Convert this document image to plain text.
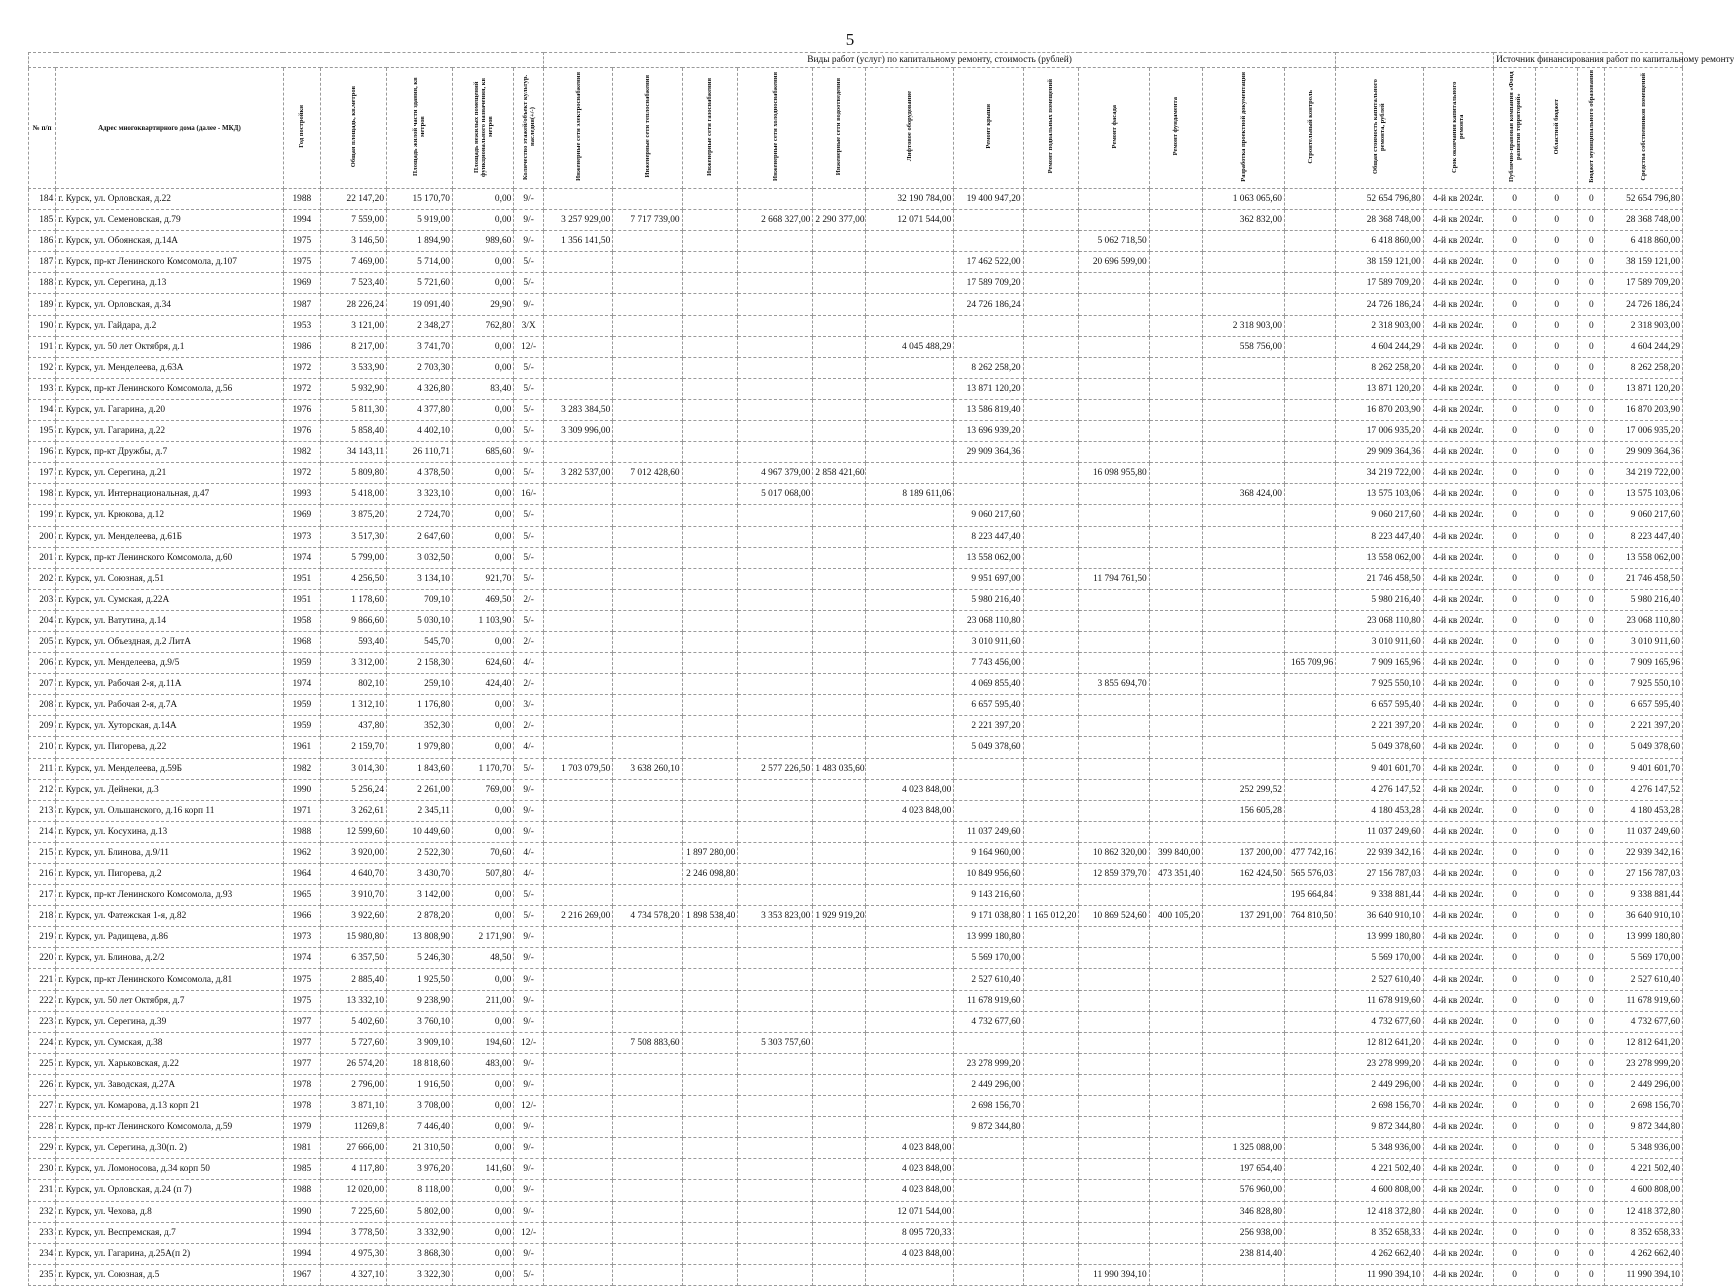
5
							Виды работ (услуг) по капитальному ремонту, стоимость (рублей)														Источник финансирования работ по капитальному ремонту			
№ п/п	Адрес многоквартирного дома (далее - МКД)	Год постройки	Общая площадь, кв.метров	Площадь жилой части здания, кв метров	Площадь нежилых помещений функционального назначения, кв метров	Количество этажей/объект культур. наследия(+/-)	Инженерные сети электроснабжения	Инженерные сети теплоснабжения	Инженерные сети газоснабжения	Инженерные сети холодноснабжения	Инженерные сети водоотведения	Лифтовое оборудование	Ремонт крыши	Ремонт подвальных помещений	Ремонт фасада	Ремонт фундамента	Разработка проектной документации	Строительный контроль	Общая стоимость капитального ремонта, рублей	Срок окончания капитального ремонта	Публично-правовая компания «Фонд развития территорий»	Областной бюджет	Бюджет муниципального образования	Средства собственников помещений
184	г. Курск, ул. Орловская, д.22	1988	22 147,20	15 170,70	0,00	9/-						32 190 784,00	19 400 947,20				1 063 065,60		52 654 796,80	4-й кв 2024г.	0	0	0	52 654 796,80
185	г. Курск, ул. Семеновская, д.79	1994	7 559,00	5 919,00	0,00	9/-	3 257 929,00	7 717 739,00		2 668 327,00	2 290 377,00	12 071 544,00					362 832,00		28 368 748,00	4-й кв 2024г.	0	0	0	28 368 748,00
186	г. Курск, ул. Обоянская, д.14А	1975	3 146,50	1 894,90	989,60	9/-	1 356 141,50								5 062 718,50				6 418 860,00	4-й кв 2024г.	0	0	0	6 418 860,00
187	г. Курск, пр-кт Ленинского Комсомола, д.107	1975	7 469,00	5 714,00	0,00	5/-							17 462 522,00		20 696 599,00				38 159 121,00	4-й кв 2024г.	0	0	0	38 159 121,00
188	г. Курск, ул. Серегина, д.13	1969	7 523,40	5 721,60	0,00	5/-							17 589 709,20						17 589 709,20	4-й кв 2024г.	0	0	0	17 589 709,20
189	г. Курск, ул. Орловская, д.34	1987	28 226,24	19 091,40	29,90	9/-							24 726 186,24						24 726 186,24	4-й кв 2024г.	0	0	0	24 726 186,24
190	г. Курск, ул. Гайдара, д.2	1953	3 121,00	2 348,27	762,80	3/Х											2 318 903,00		2 318 903,00	4-й кв 2024г.	0	0	0	2 318 903,00
191	г. Курск, ул. 50 лет Октября, д.1	1986	8 217,00	3 741,70	0,00	12/-						4 045 488,29					558 756,00		4 604 244,29	4-й кв 2024г.	0	0	0	4 604 244,29
192	г. Курск, ул. Менделеева, д.63А	1972	3 533,90	2 703,30	0,00	5/-							8 262 258,20						8 262 258,20	4-й кв 2024г.	0	0	0	8 262 258,20
193	г. Курск, пр-кт Ленинского Комсомола, д.56	1972	5 932,90	4 326,80	83,40	5/-							13 871 120,20						13 871 120,20	4-й кв 2024г.	0	0	0	13 871 120,20
194	г. Курск, ул. Гагарина, д.20	1976	5 811,30	4 377,80	0,00	5/-	3 283 384,50						13 586 819,40						16 870 203,90	4-й кв 2024г.	0	0	0	16 870 203,90
195	г. Курск, ул. Гагарина, д.22	1976	5 858,40	4 402,10	0,00	5/-	3 309 996,00						13 696 939,20						17 006 935,20	4-й кв 2024г.	0	0	0	17 006 935,20
196	г. Курск, пр-кт Дружбы, д.7	1982	34 143,11	26 110,71	685,60	9/-							29 909 364,36						29 909 364,36	4-й кв 2024г.	0	0	0	29 909 364,36
197	г. Курск, ул. Серегина, д.21	1972	5 809,80	4 378,50	0,00	5/-	3 282 537,00	7 012 428,60		4 967 379,00	2 858 421,60				16 098 955,80				34 219 722,00	4-й кв 2024г.	0	0	0	34 219 722,00
198	г. Курск, ул. Интернациональная, д.47	1993	5 418,00	3 323,10	0,00	16/-				5 017 068,00		8 189 611,06					368 424,00		13 575 103,06	4-й кв 2024г.	0	0	0	13 575 103,06
199	г. Курск, ул. Крюкова, д.12	1969	3 875,20	2 724,70	0,00	5/-							9 060 217,60						9 060 217,60	4-й кв 2024г.	0	0	0	9 060 217,60
200	г. Курск, ул. Менделеева, д.61Б	1973	3 517,30	2 647,60	0,00	5/-							8 223 447,40						8 223 447,40	4-й кв 2024г.	0	0	0	8 223 447,40
201	г. Курск, пр-кт Ленинского Комсомола, д.60	1974	5 799,00	3 032,50	0,00	5/-							13 558 062,00						13 558 062,00	4-й кв 2024г.	0	0	0	13 558 062,00
202	г. Курск, ул. Союзная, д.51	1951	4 256,50	3 134,10	921,70	5/-							9 951 697,00		11 794 761,50				21 746 458,50	4-й кв 2024г.	0	0	0	21 746 458,50
203	г. Курск, ул. Сумская, д.22А	1951	1 178,60	709,10	469,50	2/-							5 980 216,40						5 980 216,40	4-й кв 2024г.	0	0	0	5 980 216,40
204	г. Курск, ул. Ватутина, д.14	1958	9 866,60	5 030,10	1 103,90	5/-							23 068 110,80						23 068 110,80	4-й кв 2024г.	0	0	0	23 068 110,80
205	г. Курск, ул. Объездная, д.2 ЛитА	1968	593,40	545,70	0,00	2/-							3 010 911,60						3 010 911,60	4-й кв 2024г.	0	0	0	3 010 911,60
206	г. Курск, ул. Менделеева, д.9/5	1959	3 312,00	2 158,30	624,60	4/-							7 743 456,00					165 709,96	7 909 165,96	4-й кв 2024г.	0	0	0	7 909 165,96
207	г. Курск, ул. Рабочая 2-я, д.11А	1974	802,10	259,10	424,40	2/-							4 069 855,40		3 855 694,70				7 925 550,10	4-й кв 2024г.	0	0	0	7 925 550,10
208	г. Курск, ул. Рабочая 2-я, д.7А	1959	1 312,10	1 176,80	0,00	3/-							6 657 595,40						6 657 595,40	4-й кв 2024г.	0	0	0	6 657 595,40
209	г. Курск, ул. Хуторская, д.14А	1959	437,80	352,30	0,00	2/-							2 221 397,20						2 221 397,20	4-й кв 2024г.	0	0	0	2 221 397,20
210	г. Курск, ул. Пигорева, д.22	1961	2 159,70	1 979,80	0,00	4/-							5 049 378,60						5 049 378,60	4-й кв 2024г.	0	0	0	5 049 378,60
211	г. Курск, ул. Менделеева, д.59Б	1982	3 014,30	1 843,60	1 170,70	5/-	1 703 079,50	3 638 260,10		2 577 226,50	1 483 035,60								9 401 601,70	4-й кв 2024г.	0	0	0	9 401 601,70
212	г. Курск, ул. Дейнеки, д.3	1990	5 256,24	2 261,00	769,00	9/-						4 023 848,00					252 299,52		4 276 147,52	4-й кв 2024г.	0	0	0	4 276 147,52
213	г. Курск, ул. Ольшанского, д.16 корп 11	1971	3 262,61	2 345,11	0,00	9/-						4 023 848,00					156 605,28		4 180 453,28	4-й кв 2024г.	0	0	0	4 180 453,28
214	г. Курск, ул. Косухина, д.13	1988	12 599,60	10 449,60	0,00	9/-							11 037 249,60						11 037 249,60	4-й кв 2024г.	0	0	0	11 037 249,60
215	г. Курск, ул. Блинова, д.9/11	1962	3 920,00	2 522,30	70,60	4/-			1 897 280,00				9 164 960,00		10 862 320,00	399 840,00	137 200,00	477 742,16	22 939 342,16	4-й кв 2024г.	0	0	0	22 939 342,16
216	г. Курск, ул. Пигорева, д.2	1964	4 640,70	3 430,70	507,80	4/-			2 246 098,80				10 849 956,60		12 859 379,70	473 351,40	162 424,50	565 576,03	27 156 787,03	4-й кв 2024г.	0	0	0	27 156 787,03
217	г. Курск, пр-кт Ленинского Комсомола, д.93	1965	3 910,70	3 142,00	0,00	5/-							9 143 216,60					195 664,84	9 338 881,44	4-й кв 2024г.	0	0	0	9 338 881,44
218	г. Курск, ул. Фатежская 1-я, д.82	1966	3 922,60	2 878,20	0,00	5/-	2 216 269,00	4 734 578,20	1 898 538,40	3 353 823,00	1 929 919,20		9 171 038,80	1 165 012,20	10 869 524,60	400 105,20	137 291,00	764 810,50	36 640 910,10	4-й кв 2024г.	0	0	0	36 640 910,10
219	г. Курск, ул. Радищева, д.86	1973	15 980,80	13 808,90	2 171,90	9/-							13 999 180,80						13 999 180,80	4-й кв 2024г.	0	0	0	13 999 180,80
220	г. Курск, ул. Блинова, д.2/2	1974	6 357,50	5 246,30	48,50	9/-							5 569 170,00						5 569 170,00	4-й кв 2024г.	0	0	0	5 569 170,00
221	г. Курск, пр-кт Ленинского Комсомола, д.81	1975	2 885,40	1 925,50	0,00	9/-							2 527 610,40						2 527 610,40	4-й кв 2024г.	0	0	0	2 527 610,40
222	г. Курск, ул. 50 лет Октября, д.7	1975	13 332,10	9 238,90	211,00	9/-							11 678 919,60						11 678 919,60	4-й кв 2024г.	0	0	0	11 678 919,60
223	г. Курск, ул. Серегина, д.39	1977	5 402,60	3 760,10	0,00	9/-							4 732 677,60						4 732 677,60	4-й кв 2024г.	0	0	0	4 732 677,60
224	г. Курск, ул. Сумская, д.38	1977	5 727,60	3 909,10	194,60	12/-		7 508 883,60		5 303 757,60									12 812 641,20	4-й кв 2024г.	0	0	0	12 812 641,20
225	г. Курск, ул. Харьковская, д.22	1977	26 574,20	18 818,60	483,00	9/-							23 278 999,20						23 278 999,20	4-й кв 2024г.	0	0	0	23 278 999,20
226	г. Курск, ул. Заводская, д.27А	1978	2 796,00	1 916,50	0,00	9/-							2 449 296,00						2 449 296,00	4-й кв 2024г.	0	0	0	2 449 296,00
227	г. Курск, ул. Комарова, д.13 корп 21	1978	3 871,10	3 708,00	0,00	12/-							2 698 156,70						2 698 156,70	4-й кв 2024г.	0	0	0	2 698 156,70
228	г. Курск, пр-кт Ленинского Комсомола, д.59	1979	11269,8	7 446,40	0,00	9/-							9 872 344,80						9 872 344,80	4-й кв 2024г.	0	0	0	9 872 344,80
229	г. Курск, ул. Серегина, д.30(п. 2)	1981	27 666,00	21 310,50	0,00	9/-						4 023 848,00					1 325 088,00		5 348 936,00	4-й кв 2024г.	0	0	0	5 348 936,00
230	г. Курск, ул. Ломоносова, д.34 корп 50	1985	4 117,80	3 976,20	141,60	9/-						4 023 848,00					197 654,40		4 221 502,40	4-й кв 2024г.	0	0	0	4 221 502,40
231	г. Курск, ул. Орловская, д.24 (п 7)	1988	12 020,00	8 118,00	0,00	9/-						4 023 848,00					576 960,00		4 600 808,00	4-й кв 2024г.	0	0	0	4 600 808,00
232	г. Курск, ул. Чехова, д.8	1990	7 225,60	5 802,00	0,00	9/-						12 071 544,00					346 828,80		12 418 372,80	4-й кв 2024г.	0	0	0	12 418 372,80
233	г. Курск, ул. Веспремская, д.7	1994	3 778,50	3 332,90	0,00	12/-						8 095 720,33					256 938,00		8 352 658,33	4-й кв 2024г.	0	0	0	8 352 658,33
234	г. Курск, ул. Гагарина, д.25А(п 2)	1994	4 975,30	3 868,30	0,00	9/-						4 023 848,00					238 814,40		4 262 662,40	4-й кв 2024г.	0	0	0	4 262 662,40
235	г. Курск, ул. Союзная, д.5	1967	4 327,10	3 322,30	0,00	5/-									11 990 394,10				11 990 394,10	4-й кв 2024г.	0	0	0	11 990 394,10
